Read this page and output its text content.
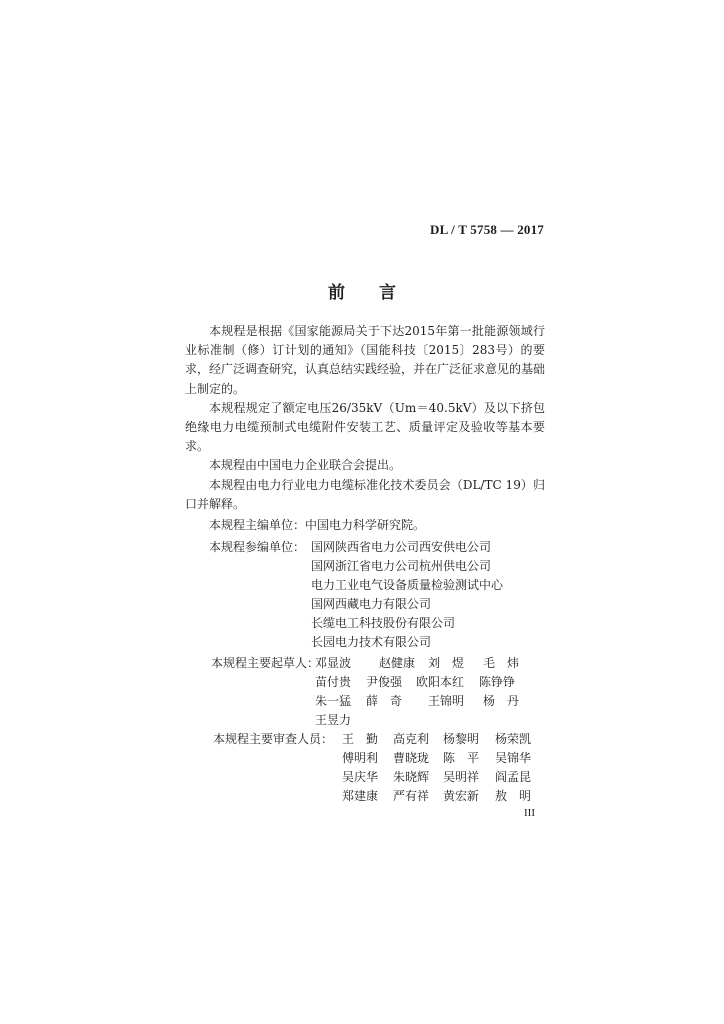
DL / T 5758 — 2017
前 言

本规程是根据《国家能源局关于下达2015年第一批能源领域行业标准制（修）订计划的通知》（国能科技〔2015〕283号）的要求，经广泛调查研究，认真总结实践经验，并在广泛征求意见的基础上制定的。

本规程规定了额定电压26/35kV（Um＝40.5kV）及以下挤包绝缘电力电缆预制式电缆附件安装工艺、质量评定及验收等基本要求。

本规程由中国电力企业联合会提出。

本规程由电力行业电力电缆标准化技术委员会（DL/TC 19）归口并解释。

本规程主编单位：中国电力科学研究院。
本规程参编单位： 国网陕西省电力公司西安供电公司
国网浙江省电力公司杭州供电公司
电力工业电气设备质量检验测试中心
国网西藏电力有限公司
长缆电工科技股份有限公司
长园电力技术有限公司
本规程主要起草人：
邓显波 赵健康 刘　煜 毛　炜
苗付贵 尹俊强 欧阳本红 陈铮铮
朱一猛 薛　奇 王锦明 杨　丹
王昱力
本规程主要审查人员： 王　勤 高克利 杨黎明 杨荣凯
傅明利 曹晓珑 陈　平 吴锦华
吴庆华 朱晓辉 吴明祥 阎孟昆
郑建康 严有祥 黄宏新 敖　明
III
